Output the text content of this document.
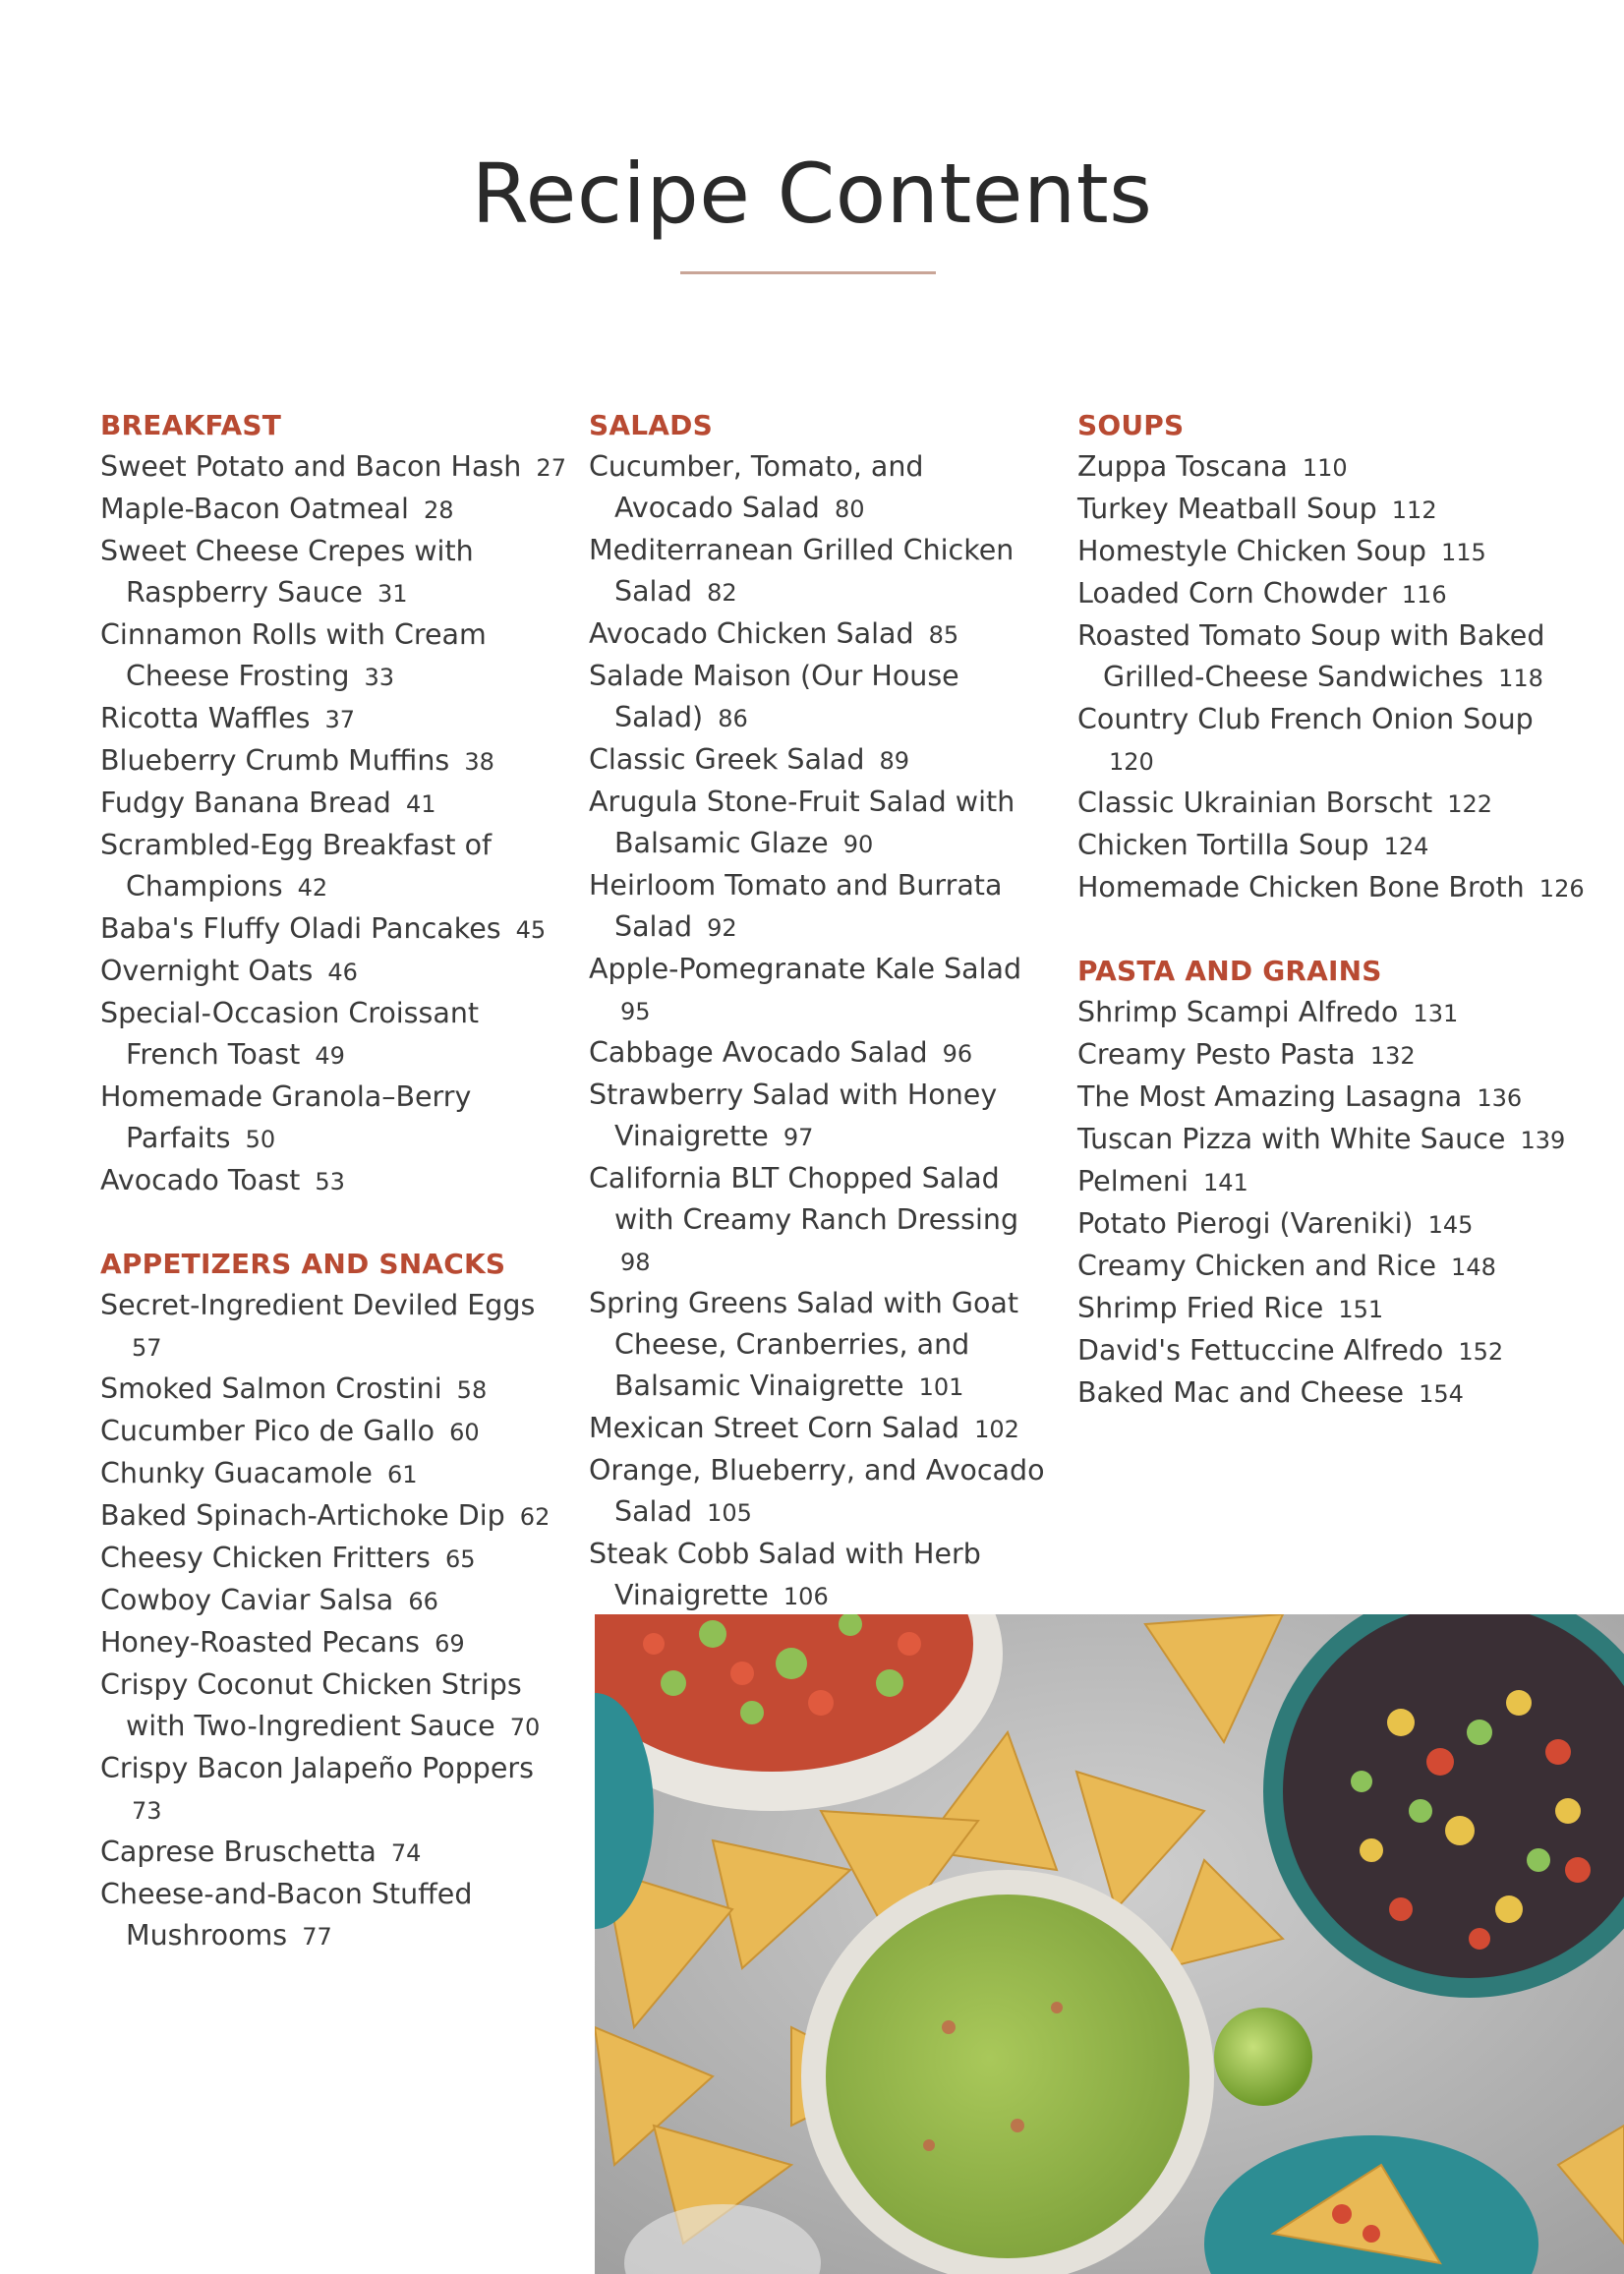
Recipe Contents
BREAKFAST
Sweet Potato and Bacon Hash 27
Maple-Bacon Oatmeal 28
Sweet Cheese Crepes with Raspberry Sauce 31
Cinnamon Rolls with Cream Cheese Frosting 33
Ricotta Waffles 37
Blueberry Crumb Muffins 38
Fudgy Banana Bread 41
Scrambled-Egg Breakfast of Champions 42
Baba's Fluffy Oladi Pancakes 45
Overnight Oats 46
Special-Occasion Croissant French Toast 49
Homemade Granola–Berry Parfaits 50
Avocado Toast 53
APPETIZERS AND SNACKS
Secret-Ingredient Deviled Eggs 57
Smoked Salmon Crostini 58
Cucumber Pico de Gallo 60
Chunky Guacamole 61
Baked Spinach-Artichoke Dip 62
Cheesy Chicken Fritters 65
Cowboy Caviar Salsa 66
Honey-Roasted Pecans 69
Crispy Coconut Chicken Strips with Two-Ingredient Sauce 70
Crispy Bacon Jalapeño Poppers 73
Caprese Bruschetta 74
Cheese-and-Bacon Stuffed Mushrooms 77
SALADS
Cucumber, Tomato, and Avocado Salad 80
Mediterranean Grilled Chicken Salad 82
Avocado Chicken Salad 85
Salade Maison (Our House Salad) 86
Classic Greek Salad 89
Arugula Stone-Fruit Salad with Balsamic Glaze 90
Heirloom Tomato and Burrata Salad 92
Apple-Pomegranate Kale Salad 95
Cabbage Avocado Salad 96
Strawberry Salad with Honey Vinaigrette 97
California BLT Chopped Salad with Creamy Ranch Dressing 98
Spring Greens Salad with Goat Cheese, Cranberries, and Balsamic Vinaigrette 101
Mexican Street Corn Salad 102
Orange, Blueberry, and Avocado Salad 105
Steak Cobb Salad with Herb Vinaigrette 106
SOUPS
Zuppa Toscana 110
Turkey Meatball Soup 112
Homestyle Chicken Soup 115
Loaded Corn Chowder 116
Roasted Tomato Soup with Baked Grilled-Cheese Sandwiches 118
Country Club French Onion Soup 120
Classic Ukrainian Borscht 122
Chicken Tortilla Soup 124
Homemade Chicken Bone Broth 126
PASTA AND GRAINS
Shrimp Scampi Alfredo 131
Creamy Pesto Pasta 132
The Most Amazing Lasagna 136
Tuscan Pizza with White Sauce 139
Pelmeni 141
Potato Pierogi (Vareniki) 145
Creamy Chicken and Rice 148
Shrimp Fried Rice 151
David's Fettuccine Alfredo 152
Baked Mac and Cheese 154
